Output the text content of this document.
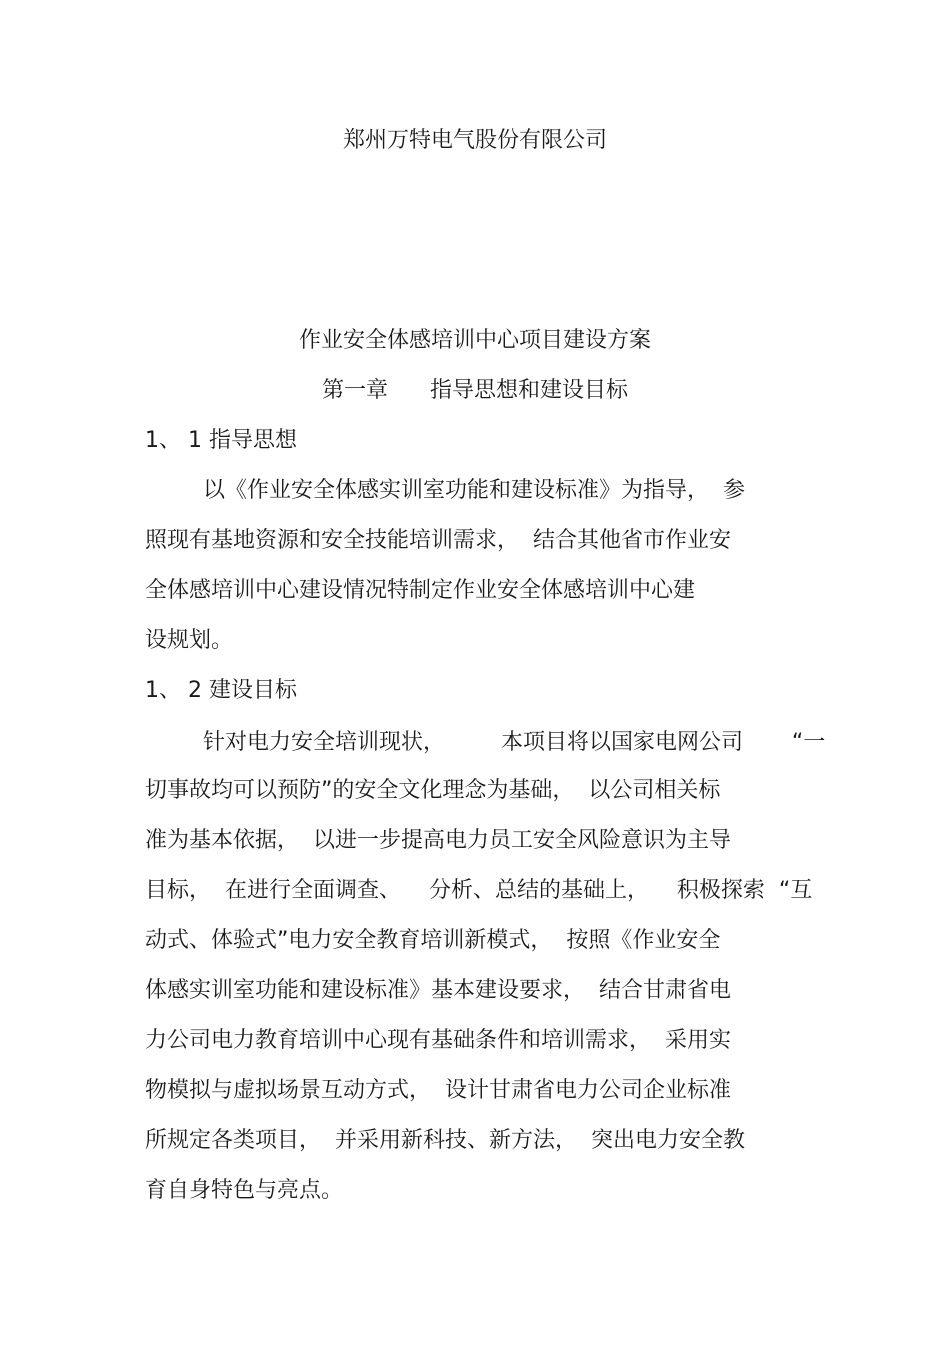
郑州万特电气股份有限公司
作业安全体感培训中心项目建设方案
第一章      指导思想和建设目标
1、 1 指导思想
以《作业安全体感实训室功能和建设标准》为指导，  参
照现有基地资源和安全技能培训需求，  结合其他省市作业安
全体感培训中心建设情况特制定作业安全体感培训中心建
设规划。
1、 2 建设目标
针对电力安全培训现状，        本项目将以国家电网公司       “一
切事故均可以预防”的安全文化理念为基础，  以公司相关标
准为基本依据，  以进一步提高电力员工安全风险意识为主导
目标，  在进行全面调查、    分析、总结的基础上，    积极探索  “互
动式、体验式”电力安全教育培训新模式，  按照《作业安全
体感实训室功能和建设标准》基本建设要求，  结合甘肃省电
力公司电力教育培训中心现有基础条件和培训需求，  采用实
物模拟与虚拟场景互动方式，  设计甘肃省电力公司企业标准
所规定各类项目，  并采用新科技、新方法，  突出电力安全教
育自身特色与亮点。
